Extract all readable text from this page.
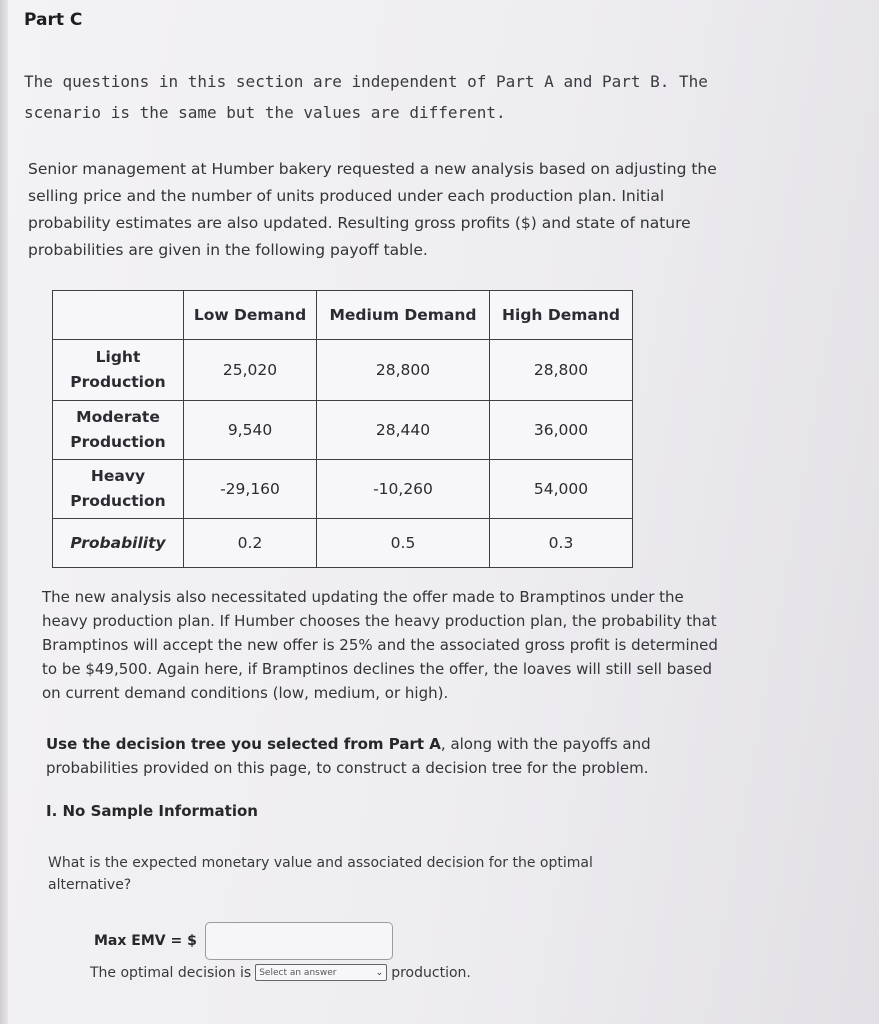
Part C
The questions in this section are independent of Part A and Part B. The scenario is the same but the values are different.
Senior management at Humber bakery requested a new analysis based on adjusting the selling price and the number of units produced under each production plan. Initial probability estimates are also updated. Resulting gross profits ($) and state of nature probabilities are given in the following payoff table.
	Low Demand	Medium Demand	High Demand
Light
Production	25,020	28,800	28,800
Moderate
Production	9,540	28,440	36,000
Heavy
Production	-29,160	-10,260	54,000
Probability	0.2	0.5	0.3
The new analysis also necessitated updating the offer made to Bramptinos under the heavy production plan. If Humber chooses the heavy production plan, the probability that Bramptinos will accept the new offer is 25% and the associated gross profit is determined to be $49,500. Again here, if Bramptinos declines the offer, the loaves will still sell based on current demand conditions (low, medium, or high).
Use the decision tree you selected from Part A, along with the payoffs and probabilities provided on this page, to construct a decision tree for the problem.
I. No Sample Information
What is the expected monetary value and associated decision for the optimal alternative?
Max EMV = $
The optimal decision is Select an answer	⌄ production.
